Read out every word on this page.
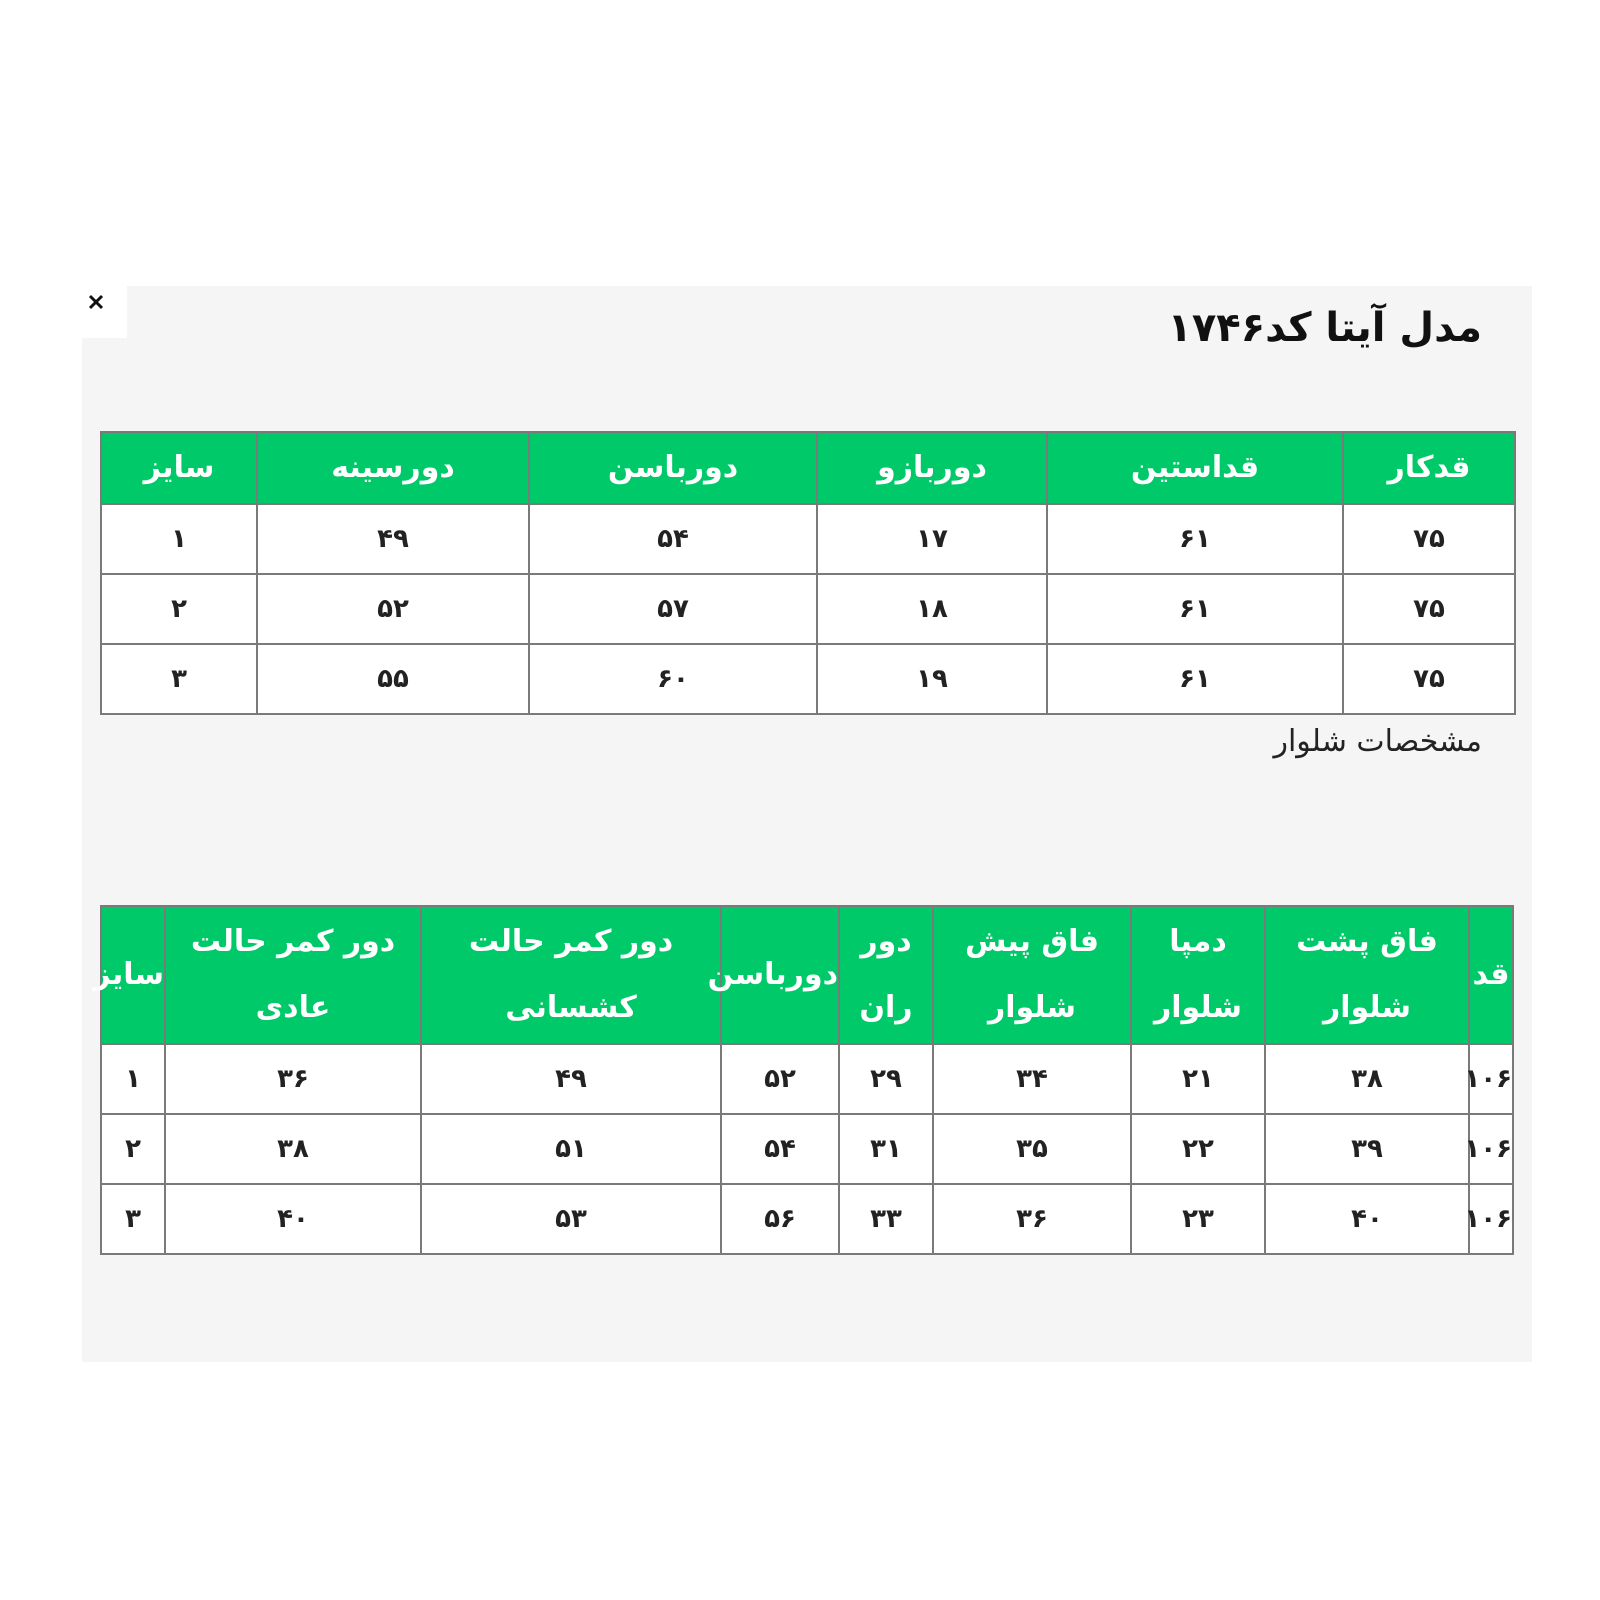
مدل آیتا کد۱۷۴۶
قدکار	قداستین	دوربازو	دورباسن	دورسینه	سایز
۷۵	۶۱	۱۷	۵۴	۴۹	۱
۷۵	۶۱	۱۸	۵۷	۵۲	۲
۷۵	۶۱	۱۹	۶۰	۵۵	۳
مشخصات شلوار
قد	فاق پشت شلوار	دمپا شلوار	فاق پیش شلوار	دور ران	دورباسن	دور کمر حالت کشسانی	دور کمر حالت عادی	سایز
۱۰۶	۳۸	۲۱	۳۴	۲۹	۵۲	۴۹	۳۶	۱
۱۰۶	۳۹	۲۲	۳۵	۳۱	۵۴	۵۱	۳۸	۲
۱۰۶	۴۰	۲۳	۳۶	۳۳	۵۶	۵۳	۴۰	۳
